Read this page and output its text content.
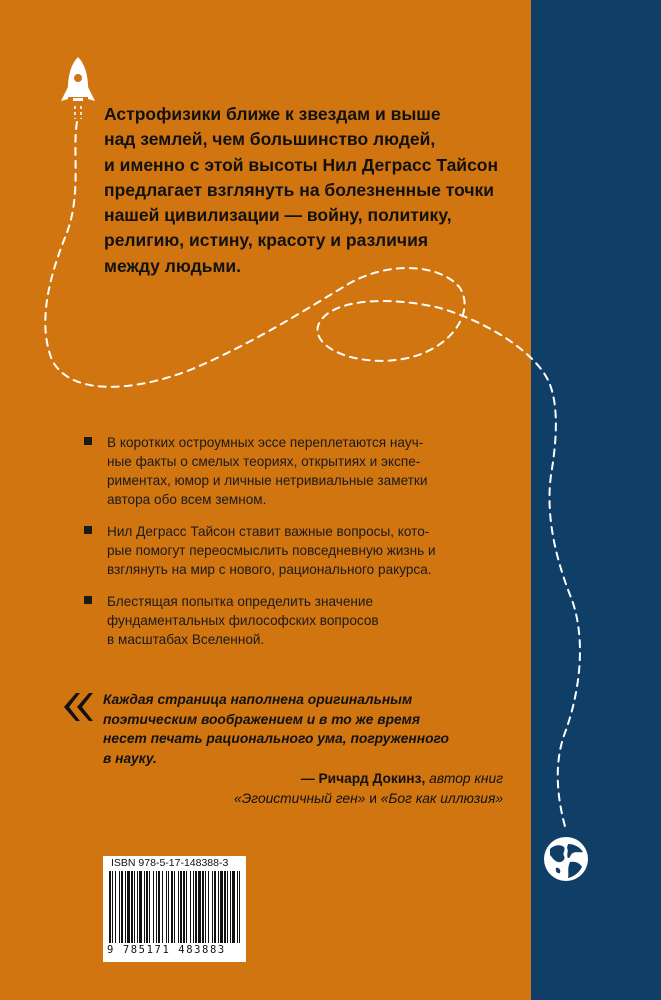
Астрофизики ближе к звездам и выше

над землей, чем большинство людей,

и именно с этой высоты Нил Деграсс Тайсон

предлагает взглянуть на болезненные точки

нашей цивилизации — войну, политику,

религию, истину, красоту и различия

между людьми.

В коротких остроумных эссе переплетаются науч-
ные факты о смелых теориях, открытиях и экспе-
риментах, юмор и личные нетривиальные заметки
автора обо всем земном.
Нил Деграсс Тайсон ставит важные вопросы, кото-
рые помогут переосмыслить повседневную жизнь и
взглянуть на мир с нового, рационального ракурса.
Блестящая попытка определить значение
фундаментальных философских вопросов
в масштабах Вселенной.
Каждая страница наполнена оригинальным
поэтическим воображением и в то же время
несет печать рационального ума, погруженного
в науку.
— Ричард Докинз, автор книг
«Эгоистичный ген» и «Бог как иллюзия»
ISBN 978-5-17-148388-3
9 785171 483883
